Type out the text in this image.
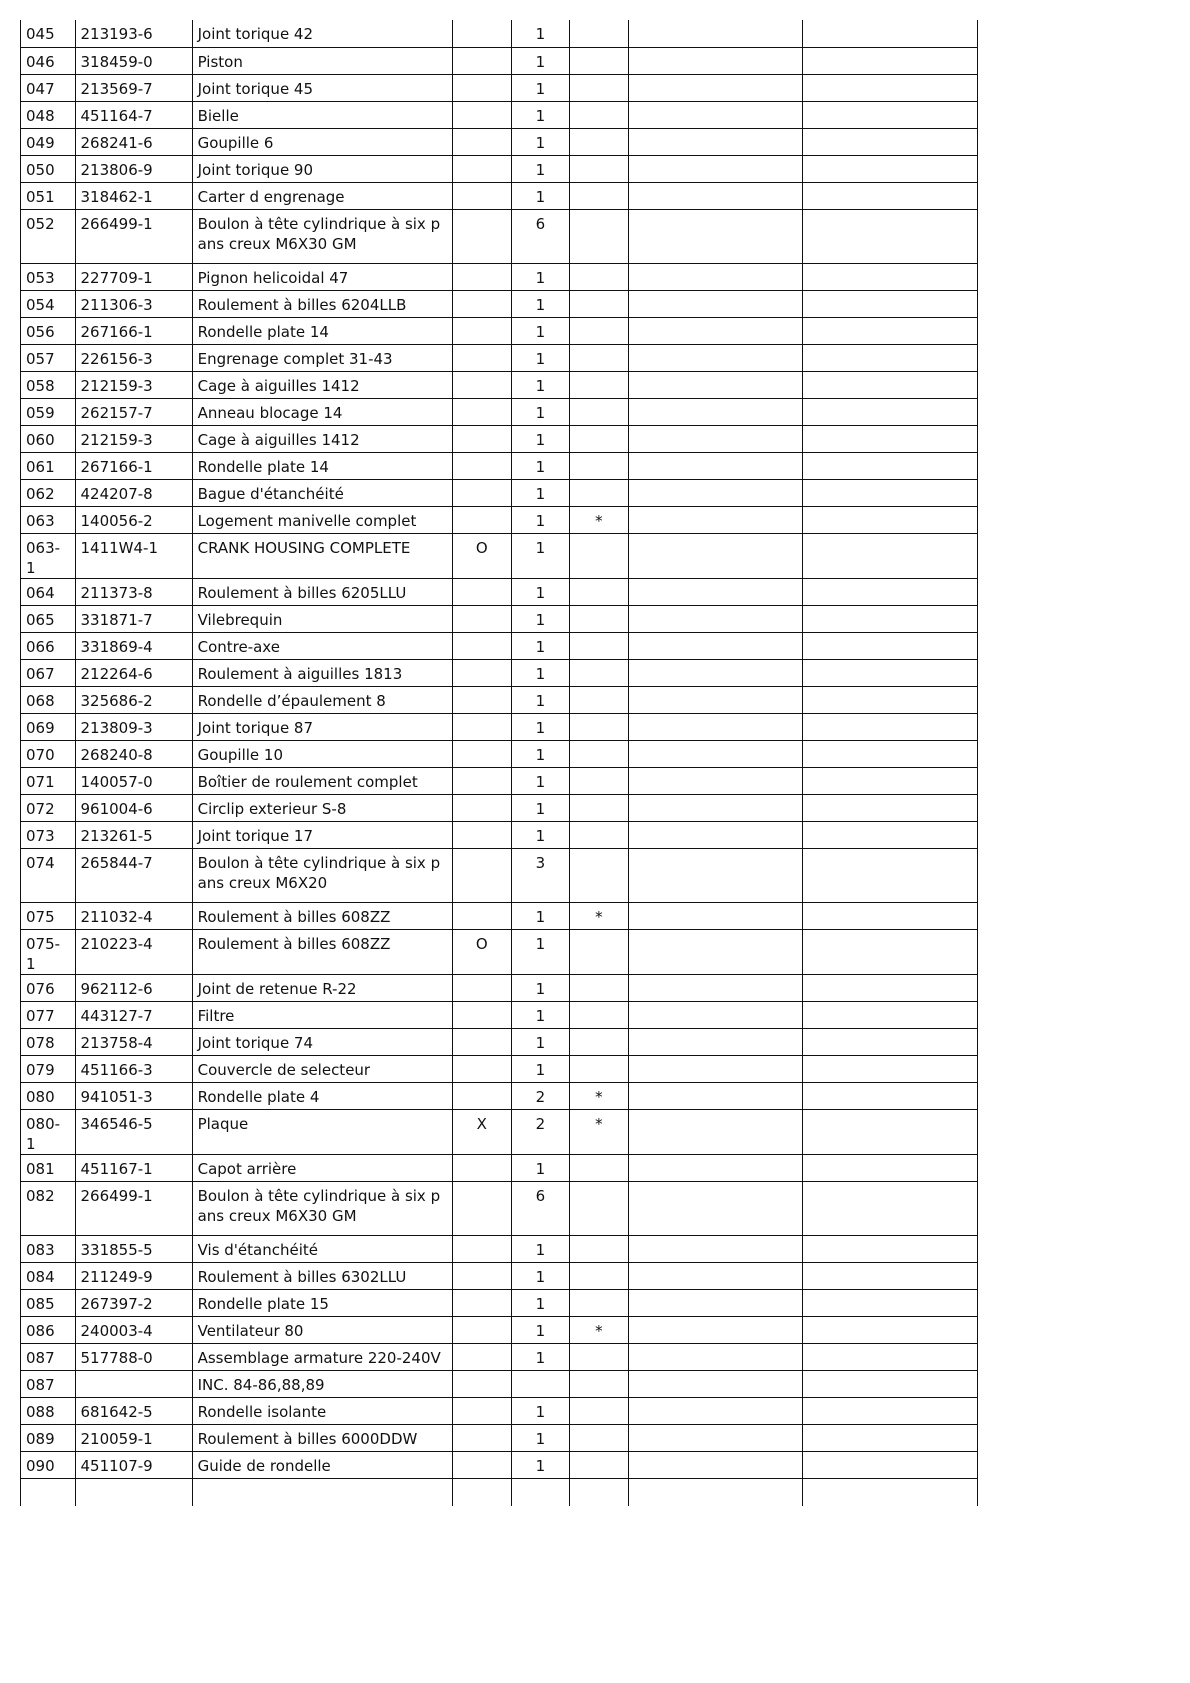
045	213193-6	Joint torique 42		1			
046	318459-0	Piston		1			
047	213569-7	Joint torique 45		1			
048	451164-7	Bielle		1			
049	268241-6	Goupille 6		1			
050	213806-9	Joint torique 90		1			
051	318462-1	Carter d engrenage		1			
052	266499-1	Boulon à tête cylindrique à six pans creux M6X30 GM		6			
053	227709-1	Pignon helicoidal 47		1			
054	211306-3	Roulement à billes 6204LLB		1			
056	267166-1	Rondelle plate 14		1			
057	226156-3	Engrenage complet 31-43		1			
058	212159-3	Cage à aiguilles 1412		1			
059	262157-7	Anneau blocage 14		1			
060	212159-3	Cage à aiguilles 1412		1			
061	267166-1	Rondelle plate 14		1			
062	424207-8	Bague d'étanchéité		1			
063	140056-2	Logement manivelle complet		1	*		
063-1	1411W4-1	CRANK HOUSING COMPLETE	O	1			
064	211373-8	Roulement à billes 6205LLU		1			
065	331871-7	Vilebrequin		1			
066	331869-4	Contre-axe		1			
067	212264-6	Roulement à aiguilles 1813		1			
068	325686-2	Rondelle d’épaulement 8		1			
069	213809-3	Joint torique 87		1			
070	268240-8	Goupille 10		1			
071	140057-0	Boîtier de roulement complet		1			
072	961004-6	Circlip exterieur S-8		1			
073	213261-5	Joint torique 17		1			
074	265844-7	Boulon à tête cylindrique à six pans creux M6X20		3			
075	211032-4	Roulement à billes 608ZZ		1	*		
075-1	210223-4	Roulement à billes 608ZZ	O	1			
076	962112-6	Joint de retenue R-22		1			
077	443127-7	Filtre		1			
078	213758-4	Joint torique 74		1			
079	451166-3	Couvercle de selecteur		1			
080	941051-3	Rondelle plate 4		2	*		
080-1	346546-5	Plaque	X	2	*		
081	451167-1	Capot arrière		1			
082	266499-1	Boulon à tête cylindrique à six pans creux M6X30 GM		6			
083	331855-5	Vis d'étanchéité		1			
084	211249-9	Roulement à billes 6302LLU		1			
085	267397-2	Rondelle plate 15		1			
086	240003-4	Ventilateur 80		1	*		
087	517788-0	Assemblage armature 220-240V		1			
087		INC. 84-86,88,89					
088	681642-5	Rondelle isolante		1			
089	210059-1	Roulement à billes 6000DDW		1			
090	451107-9	Guide de rondelle		1			
